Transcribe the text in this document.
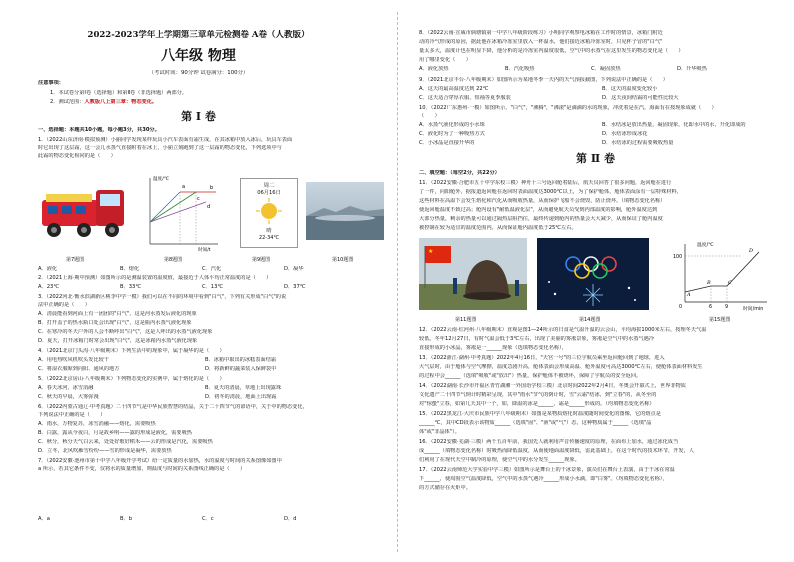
2022-2023学年上学期第三章单元检测卷 A卷（人教版）
八年级 物理
（考试时间：90分钟 试卷满分：100分）
注意事项：
1．本试卷分第Ⅰ卷（选择题）和第Ⅱ卷（非选择题）两部分。
2．测试范围：人教版八上第三章：物态变化。
第 Ⅰ 卷
一、选择题：本题共10小题，每小题3分，共30分。
1．（2022山东济南·模拟预测）小丽同学发现某样玩具小汽车表面有霜生成，在其冰箱中放入冰后，玩具车表面
时它出现了这层霜，这一会儿水蒸气直接附着在冰上，小丽立刻跑到了这一层霜的物态变化，下列选项中与
此霜的物态变化相同的是（　　）
温度/℃
时间/t
a	b
c
d
周二
06月16日
晴
22-34℃
第7题图	第8题图	第9题图	第10题图
A．液化	B．熔化	C．汽化	D．凝华
2．（2021上海·期中预测）如图所示的是测温装置的温度值，最接近于人体平均正常温度的是（　　）
A．23℃	B．33℃	C．13℃	D．37℃
3．（2022河北·衡水滨湖新区桃李中学一模）我们可以在不同的环境中看到"白气"，下列有关形成"白气"的说
法中正确的是（　　）
A．清晨能看到河面上有一团团的"白气"，这是河水蒸发后液化的现象
B．打开盖子的热水瓶口处会出现"白气"，这是瓶内水蒸气液化现象
C．在寒冷的冬天户外的人会不断呼出"白气"，这是人呼出的水蒸气液化现象
D．夏天，打开冰箱门时常会出现"白气"，这是冰箱内水蒸气液化现象
4．（2021北京门头沟·八年级期末）下列生活中的现象中，属于凝华的是（　　）
A．用电热吹风机吹头发比较干	B．冰箱中取出的冰糕表面结霜
C．将湿衣服晾到向阳、通风的地方	D．将新鲜的蔬菜装入保鲜袋中
5．（2022北京房山·八年级期末）下列物态变化的实例中，属于熔化的是（　　）
A．春天冰河，冰雪消融	B．夏天的清晨，草地上出现露珠
C．秋天的早晨，大雾弥漫	D．初冬的清晨，地面上出现霜
6．（2022内蒙古通辽·中考真题）二十四节气是中华民族智慧的结晶，关于二十四节气的谚语中，关于中的物态变化，
下列说法中正确的是（　　）
A．雨水，万物复苏，冰雪消融——熔化，需要吸热
B．白露，露从今夜白，月是故乡明——露的形成是液化，需要吸热
C．秋分，秋分天气白云来，处处好歌好稻禾——云的形成是汽化，需要吸热
D．立冬，北风吹雁雪纷纷——雪的形成是凝华，需要放热
7．（2022安徽·池州市第十中学八年级开学考试）给一定质量的水加热，水的温度与时间的关系图像如图中
a 所示，若其它条件不变，仅将水的质量增加，则温度与时间的关系图线正确的是（　　）
A．a	B．b	C．c	D．d
8．（2022云南·宣威市倘塘镇第一中学八年级阶段练习）小明同学观察电冰箱在工作时的情景，冰箱门附近
动的冷气形成的原因，据此他在冰箱冷冻室里放入一杯温水，他们接近冰箱冷冻室时，只见杯子冒的"白气"
量太多大，温度计也在明显下降，他分析的是冷冻室内温度很低，空气中的水蒸气在这里发生的物态变化是（　　）
用了哪里变化（　　）
A．液化放热	B．汽化吸热	C．凝固放热	D．升华吸热
9．（2021北京丰台·八年级期末）如图所示为某地冬季一天内的天气预报截图，下列说法中正确的是（　　）
A．这天的最高温度达到 22℃	B．这天的温度变化较小
C．这天适合穿厚衣服、短袖等夏季服装	D．这天夜间结霜的可能性比较大
10．（2022广东惠州·一模）如图所示，"白气"，"沸腾"，"沸滚"是滴滴的水的现象，冲洗着是在汽，海面有在按现象成就（　　）
（　　）
A．水蒸气液化形成的小水珠	B．水结冰是放出热量，凝固现象，化即水中的水，升化即成的
C．液化时为了一种吸热方式	D．水结冰形成冰花
C．小冰晶是直接升华的	D．水结冰的过程需要吸收热量
第 Ⅱ 卷
二、填空题：（每空2分，共22分）
11．（2022安徽·合肥市五十中学东校三模）神舟十三号返回舱着陆后，航天员回答了很多问题，返回舱在进行
了一件，向阳舱外，据报道返回舱在返回时表面温度达3000℃以上，为了保护舱体，舱体表面涂有一层特殊材料，
这些材料在高温下会发生熔化和汽化从而吸收热量，从而保护飞船不会烧毁，防止烧坏。（填物态变化名称）
使返回舱温度不致过高；舱内设有"耐低温液化层"，从而避免航天员受到内部温度的影响，舱外温度达到
大部分热量，剩余的热量可以通过隔热层阻挡住，最终传递到舱内的热量会大大减少，从而保证了舱内温度
被控制在较为适宜的温度范围内，从而保证舱内温度低于25℃左右。
★
温度/℃
时间/min
100
0	6	9
A
B	C
D
第11题图	第14题图	第15题图
12．（2022云南·红河州·八年级期末）直观是图1—24所示的日食是气温升温的云会山，平均海拔1000米左右，按理冬天气温
较低，冬年12月27日，有时气温会低于3℃左右，出现了美丽的雾凇景象，雾凇是空气中的水蒸气遇冷
直接形成的小冰晶，雾凇是一______现象（选填物态变化名称），
13．（2022浙江·湖州·中考真题）2022年4月16日，"天宫一号"的三位宇航员乘坐返回舱回到了地球，进入
大气层时，由于舱体与空气摩擦，温度急剧升高，舱体表面会形成高温、舱外温度可高达3000℃左右，使舱体表面材料发生
的过程中会______（选填"吸收"或"放出"）热量，保护舱体不被烧坏，保障了宇航员的安全返回。
14．（2022湖南·长沙市开福区青竹湖湘一外国语学校三模）北京时间2022年2月4日，冬奥会开幕式上，世界非物质
文化遗产二十四节气倒计时精彩呈现，其中"雨水"节气的倒计时，雪"云霜"结冰，到"立春"的，从冬至的
对"惊蛰"立春，如第几天其中一个，如，降温的冰是______，霜是______形成的。（均填物态变化名称）
15．（2022黑龙江·大庆市民族中学八年级期末）如图是某物质熔化时温度随时间变化的图像，它的熔点是
______℃，其中CD段表示该物质______（选填"固"、"液"或"气"）态，这种物质属于______（选填"晶
体"或"非晶体"）。
16．（2022安徽·芜湖·三模）两千五百年前，我国先人就利用声音传播速度的原理，在面布上加水，通过冰化成当
成______（填物态变化名称）时吸热而降低温度，从而使地面温度降低，雷此基础上，在这个时代的技术环节，开发，人
们利用了在现代天空中制冷的原理，使空气中的水分发生______现象。
17．（2022云南师范大学实验中学三模）如图所示是舞台上的干冰景象，演员们在舞台上表演，由于干冰在常温
下______，使周围空气温度降低，空气中的水蒸气遇冷______形成小水滴，即"白雾"。（均填物态变化名称），
的方式储存在火炬中。
